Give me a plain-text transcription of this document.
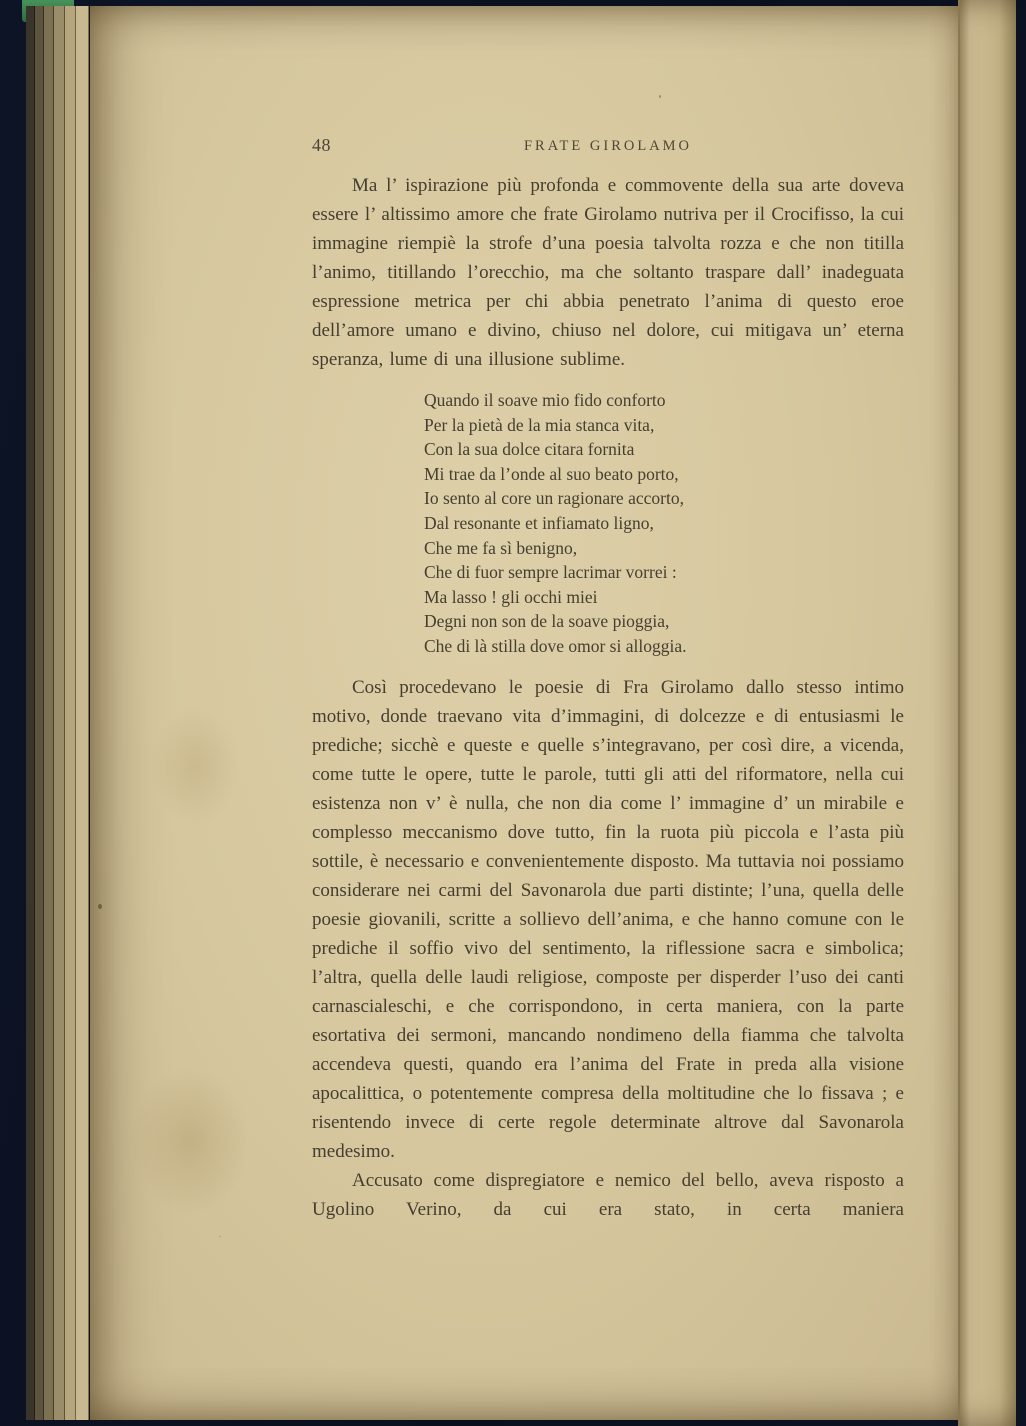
48	FRATE GIROLAMO

Ma l’ ispirazione più profonda e commovente della sua arte doveva essere l’ altissimo amore che frate Girolamo nutriva per il Crocifisso, la cui immagine riempiè la strofe d’una poesia talvolta rozza e che non titilla l’animo, titillando l’orecchio, ma che soltanto traspare dall’ inadeguata espressione metrica per chi abbia penetrato l’anima di questo eroe dell’amore umano e divino, chiuso nel dolore, cui mitigava un’ eterna speranza, lume di una illusione sublime.

Quando il soave mio fido conforto
Per la pietà de la mia stanca vita,
Con la sua dolce citara fornita
Mi trae da l’onde al suo beato porto,
Io sento al core un ragionare accorto,
Dal resonante et infiamato ligno,
Che me fa sì benigno,
Che di fuor sempre lacrimar vorrei :
Ma lasso ! gli occhi miei
Degni non son de la soave pioggia,
Che di là stilla dove omor si alloggia.

Così procedevano le poesie di Fra Girolamo dallo stesso intimo motivo, donde traevano vita d’immagini, di dolcezze e di entusiasmi le prediche; sicchè e queste e quelle s’integravano, per così dire, a vicenda, come tutte le opere, tutte le parole, tutti gli atti del riformatore, nella cui esistenza non v’ è nulla, che non dia come l’ immagine d’ un mirabile e complesso meccanismo dove tutto, fin la ruota più piccola e l’asta più sottile, è necessario e convenientemente disposto. Ma tuttavia noi possiamo considerare nei carmi del Savonarola due parti distinte; l’una, quella delle poesie giovanili, scritte a sollievo dell’anima, e che hanno comune con le prediche il soffio vivo del sentimento, la riflessione sacra e simbolica; l’altra, quella delle laudi religiose, composte per disperder l’uso dei canti carnascialeschi, e che corrispondono, in certa maniera, con la parte esortativa dei sermoni, mancando nondimeno della fiamma che talvolta accendeva questi, quando era l’anima del Frate in preda alla visione apocalittica, o potentemente compresa della moltitudine che lo fissava ; e risentendo invece di certe regole determinate altrove dal Savonarola medesimo.

Accusato come dispregiatore e nemico del bello, aveva risposto a Ugolino Verino, da cui era stato, in certa maniera
